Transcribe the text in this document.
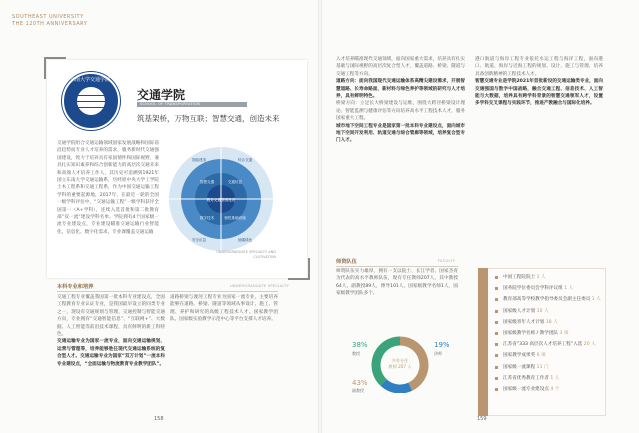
SOUTHEAST UNIVERSITY
THE 120TH ANNIVERSARY
东南大学交通学院
交通学院
SCHOOL OF TRANSPORTATION
筑基架桥，万物互联；智慧交通，创造未来
交通学院组合交通运输领域国家发展战略和国际前沿趋势而专业人才培养的需求，服务新时代交通强国建设，致力于培养具有家国情怀和国际视野，兼具扎实知识素养和综合创新能力的高层次交通未来和高端人才培养工作人，其历史可追溯到1921年国立东南大学交通运输系，历经原中央大学工学院土木工程系和交通工程系，作为中国交通运输工程学科的重要起源地，2017年，在最近一轮的全国一级学科评估中，“交通运输工程”一级学科获评全国第一（A+学科），连续入选首批和第二批教育部“双一流”建设学科名单。学院拥有4个国家级一流专业建设点，专业建设瞄准交通运输行业智能化、信息化、数字化需求，专业课覆盖交通运输
服务交通强国建设
智慧交通	交通信息
数字技术	韧性基础设施
智能建造	综合交通
安全应急	低碳绿色
UNDERGRADUATE SPECIALTY AND CULTIVATION
本科专业和培养	UNDERGRADUATE SPECIALTY
交通工程专业覆盖我国第一批本科专业建设点，全国工程教育专业认证专业，是我国最早设立的同类专业之一，现设有交通规划与管理、交通控制与智能交通方向，专业拥有“交通智能信息”、“互联网+”、大数据、人工智能等前沿技术课程，具有鲜明的新工科特色。
交通运输专业为国家一流专业，面向交通运输规划、运营与管理等，培养能够胜任现代交通运输系统的复合型人才。交通运输专业为国家“双万计划”一流本科专业建设点，“全面运输与物流教育专业教学团队”。
道路桥梁与渡河工程专业为国家一流专业，主要培养能够在道路、桥梁、隧道等领域从事设计、施工、管理、养护和研究的高级工程技术人才。国家教学团队、国家级实验教学示范中心等平台支撑人才培养。
158
入才培养瞄准现代交通领域，面向国家重大需求，培养具有扎实基础与国际视野的高层次复合型人才，覆盖道路、桥梁、隧道与交通工程等方向。
道路方向：面向我国现代交通运输体系高精尖建设需求，开展智慧道路、长寿命路面、新材料与绿色养护等领域的研究与人才培养，具有鲜明特色。
桥梁方向：立足长大桥梁建设与运维，围绕大跨径桥梁设计理论、智能监测与健康评估等方向培养高水平工程技术人才，服务国家重大工程。
城市地下空间工程专业是国家第一批本科专业建设点，面向城市地下空间开发利用、轨道交通与综合管廊等领域，培养复合型专门人才。
港口航道与海岸工程专业依托水运工程与海洋工程，面向港口、航道、海岸与近海工程的规划、设计、施工与管理，培养具备创新精神的工程技术人才。
智慧交通专业是学院2021年首批新设的交通运输类专业，面向交通强国与数字中国战略，融合交通工程、信息技术、人工智能与大数据，培养具有跨学科背景的智慧交通领军人才，设置多学科交叉课程与实践环节，推进产教融合与国际化培养。
师资队伍	FACULTY
师资队伍实力雄厚，拥有一支以院士、长江学者、国家杰青为代表的高水平教师队伍，现有专任教师207人，其中教授64人，副教授89人，博导101人，国家级教学名师1人，国家级教学团队多个。
共有专任
教师 207 人
38%
教授
19%
讲师
43%
副教授
中国工程院院士 1 人
国务院学位委员会学科评议组 1 人
教育部高等学校教学指导委员会副主任委员 1 人
国家级人才计划 10 人
国家级青年人才计划 18 人
国家级教学名师 / 教学团队 3 项
江苏省“333 高层次人才培养工程”入选 20 人
国家教学成果奖 6 项
国家级一流课程 11 门
江苏省优秀教育工作者 1 人
国家级一流专业建设点 4 个
159
